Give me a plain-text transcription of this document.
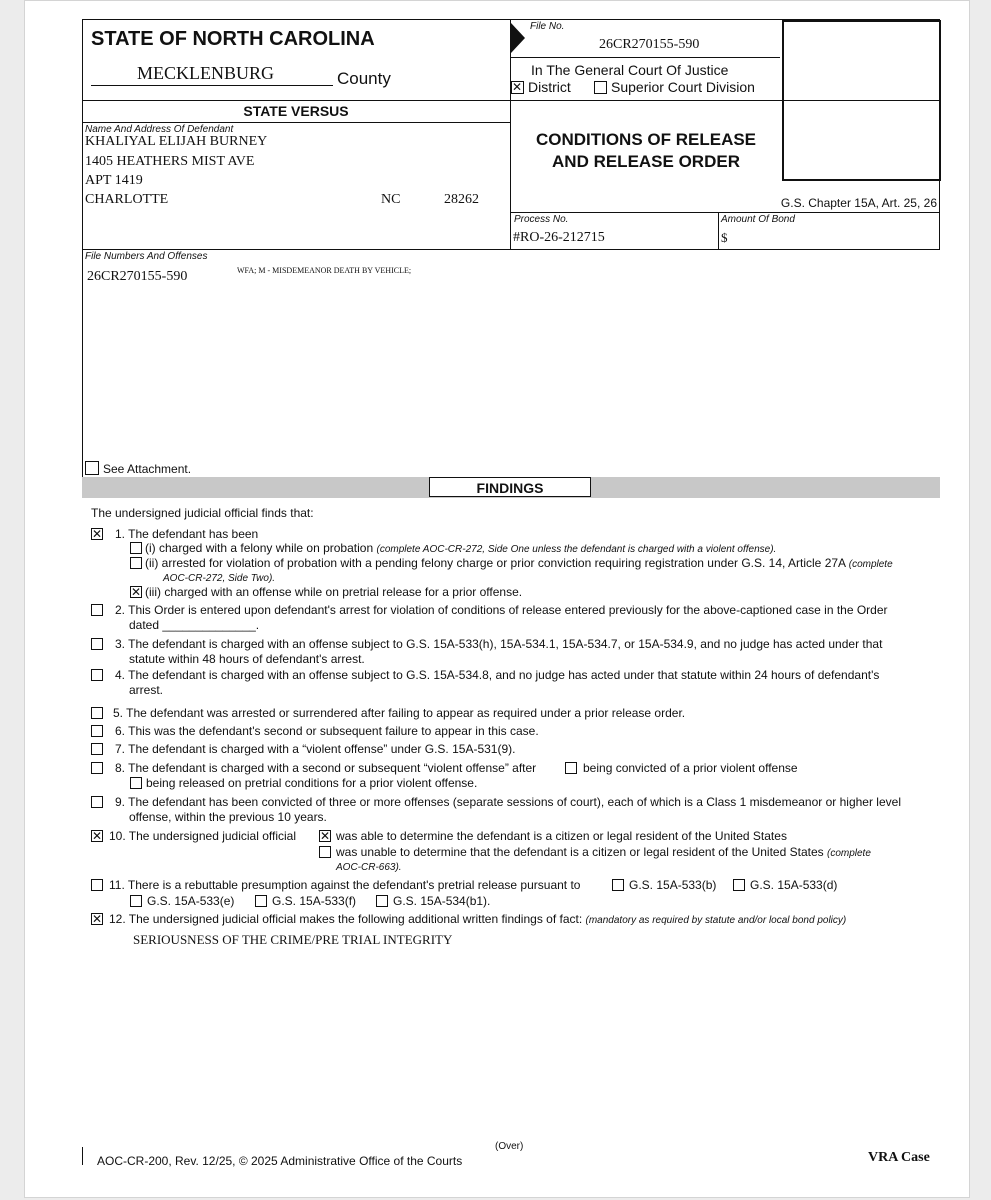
STATE OF NORTH CAROLINA
MECKLENBURG	County
File No.
26CR270155-590
In The General Court Of Justice
✕
District	Superior Court Division
STATE VERSUS
CONDITIONS OF RELEASE
AND RELEASE ORDER
G.S. Chapter 15A, Art. 25, 26
Name And Address Of Defendant
KHALIYAL ELIJAH BURNEY
1405 HEATHERS MIST AVE
APT 1419
CHARLOTTE	NC	28262
Process No.
#RO-26-212715
Amount Of Bond
$
File Numbers And Offenses
26CR270155-590	WFA; M - MISDEMEANOR DEATH BY VEHICLE;
See Attachment.
FINDINGS
The undersigned judicial official finds that:
✕
1. The defendant has been
(i) charged with a felony while on probation (complete AOC-CR-272, Side One unless the defendant is charged with a violent offense).
(ii) arrested for violation of probation with a pending felony charge or prior conviction requiring registration under G.S. 14, Article 27A (complete
AOC-CR-272, Side Two).
✕
(iii) charged with an offense while on pretrial release for a prior offense.
2. This Order is entered upon defendant's arrest for violation of conditions of release entered previously for the above-captioned case in the Order
dated ______________.
3. The defendant is charged with an offense subject to G.S. 15A-533(h), 15A-534.1, 15A-534.7, or 15A-534.9, and no judge has acted under that
statute within 48 hours of defendant's arrest.
4. The defendant is charged with an offense subject to G.S. 15A-534.8, and no judge has acted under that statute within 24 hours of defendant's
arrest.
5. The defendant was arrested or surrendered after failing to appear as required under a prior release order.
6. This was the defendant's second or subsequent failure to appear in this case.
7. The defendant is charged with a “violent offense” under G.S. 15A-531(9).
8. The defendant is charged with a second or subsequent “violent offense” after	being convicted of a prior violent offense
being released on pretrial conditions for a prior violent offense.
9. The defendant has been convicted of three or more offenses (separate sessions of court), each of which is a Class 1 misdemeanor or higher level
offense, within the previous 10 years.
✕
10. The undersigned judicial official
✕	was able to determine the defendant is a citizen or legal resident of the United States
was unable to determine that the defendant is a citizen or legal resident of the United States (complete
AOC-CR-663).
11. There is a rebuttable presumption against the defendant's pretrial release pursuant to	G.S. 15A-533(b)	G.S. 15A-533(d)
G.S. 15A-533(e)	G.S. 15A-533(f)	G.S. 15A-534(b1).
✕
12. The undersigned judicial official makes the following additional written findings of fact: (mandatory as required by statute and/or local bond policy)
SERIOUSNESS OF THE CRIME/PRE TRIAL INTEGRITY
(Over)
AOC-CR-200, Rev. 12/25, © 2025 Administrative Office of the Courts	VRA Case
